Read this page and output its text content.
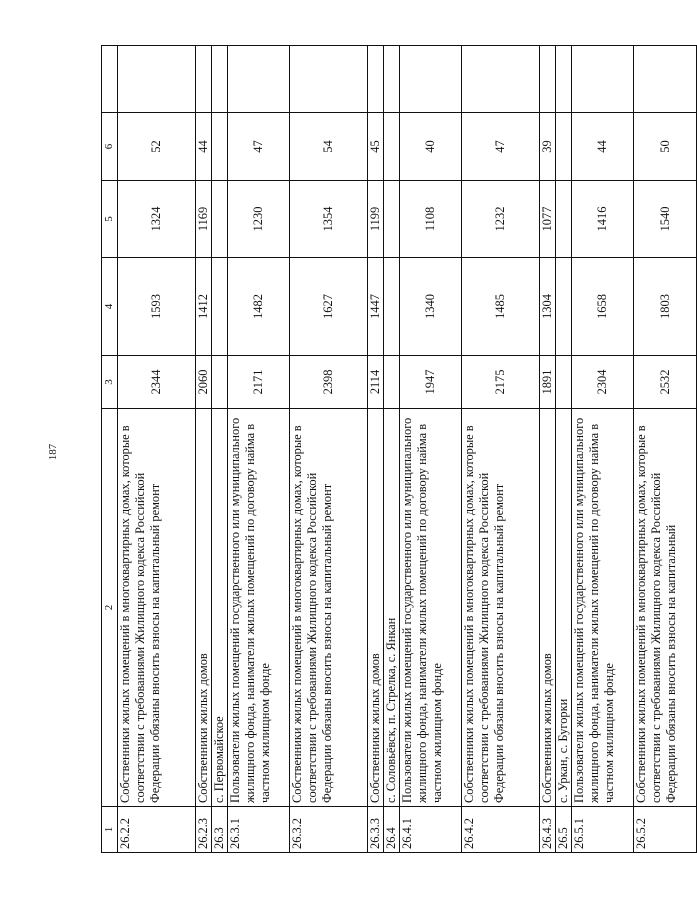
187
1	2	3	4	5	6	
26.2.2	Собственники жилых помещений в многоквартирных домах, которые в соответствии с требованиями Жилищного кодекса Российской Федерации обязаны вносить взносы на капитальный ремонт	2344	1593	1324	52	
26.2.3	Собственники жилых домов	2060	1412	1169	44	
26.3	с. Первомайское					
26.3.1	Пользователи жилых помещений государственного или муниципального жилищного фонда, наниматели жилых помещений по договору найма в частном жилищном фонде	2171	1482	1230	47	
26.3.2	Собственники жилых помещений в многоквартирных домах, которые в соответствии с требованиями Жилищного кодекса Российской Федерации обязаны вносить взносы на капитальный ремонт	2398	1627	1354	54	
26.3.3	Собственники жилых домов	2114	1447	1199	45	
26.4	с. Соловьёвск, п. Стрелка, с. Янкан					
26.4.1	Пользователи жилых помещений государственного или муниципального жилищного фонда, наниматели жилых помещений по договору найма в частном жилищном фонде	1947	1340	1108	40	
26.4.2	Собственники жилых помещений в многоквартирных домах, которые в соответствии с требованиями Жилищного кодекса Российской Федерации обязаны вносить взносы на капитальный ремонт	2175	1485	1232	47	
26.4.3	Собственники жилых домов	1891	1304	1077	39	
26.5	с. Уркан, с. Бугорки					
26.5.1	Пользователи жилых помещений государственного или муниципального жилищного фонда, наниматели жилых помещений по договору найма в частном жилищном фонде	2304	1658	1416	44	
26.5.2	Собственники жилых помещений в многоквартирных домах, которые в соответствии с требованиями Жилищного кодекса Российской Федерации обязаны вносить взносы на капитальный	2532	1803	1540	50	
